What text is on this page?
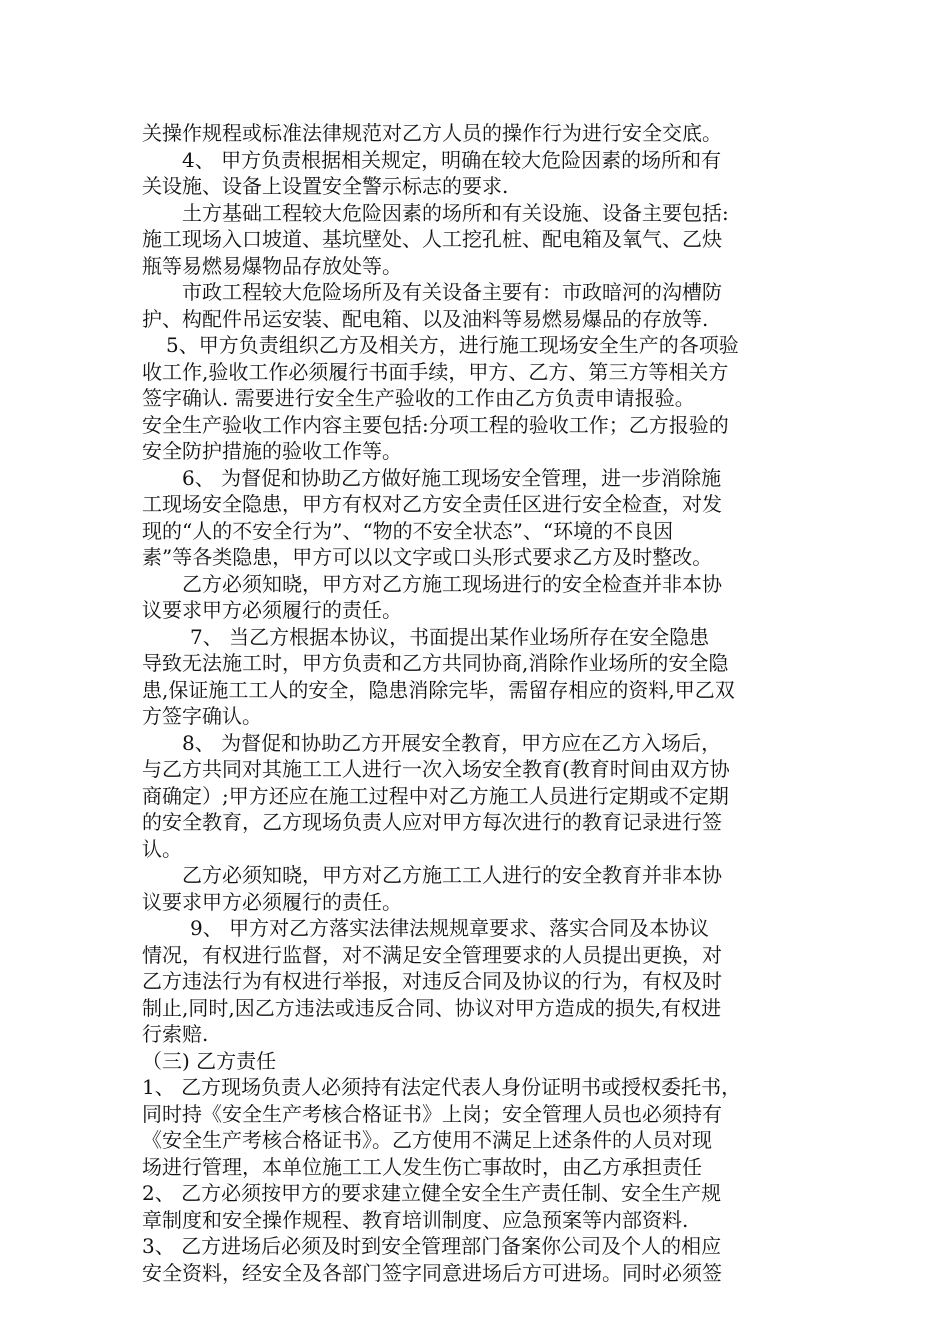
关操作规程或标准法律规范对乙方人员的操作行为进行安全交底。

4、 甲方负责根据相关规定，明确在较大危险因素的场所和有

关设施、设备上设置安全警示标志的要求.

土方基础工程较大危险因素的场所和有关设施、设备主要包括:

施工现场入口坡道、基坑壁处、人工挖孔桩、配电箱及氧气、乙炔

瓶等易燃易爆物品存放处等。

市政工程较大危险场所及有关设备主要有：市政暗河的沟槽防

护、构配件吊运安装、配电箱、以及油料等易燃易爆品的存放等.

5、甲方负责组织乙方及相关方，进行施工现场安全生产的各项验

收工作,验收工作必须履行书面手续，甲方、乙方、第三方等相关方

签字确认. 需要进行安全生产验收的工作由乙方负责申请报验。

安全生产验收工作内容主要包括:分项工程的验收工作；乙方报验的

安全防护措施的验收工作等。

6、 为督促和协助乙方做好施工现场安全管理，进一步消除施

工现场安全隐患，甲方有权对乙方安全责任区进行安全检查，对发

现的“人的不安全行为”、“物的不安全状态”、“环境的不良因

素”等各类隐患，甲方可以以文字或口头形式要求乙方及时整改。

乙方必须知晓，甲方对乙方施工现场进行的安全检查并非本协

议要求甲方必须履行的责任。

7、 当乙方根据本协议，书面提出某作业场所存在安全隐患

导致无法施工时，甲方负责和乙方共同协商,消除作业场所的安全隐

患,保证施工工人的安全，隐患消除完毕，需留存相应的资料,甲乙双

方签字确认。

8、 为督促和协助乙方开展安全教育，甲方应在乙方入场后，

与乙方共同对其施工工人进行一次入场安全教育(教育时间由双方协

商确定）;甲方还应在施工过程中对乙方施工人员进行定期或不定期

的安全教育，乙方现场负责人应对甲方每次进行的教育记录进行签

认。

乙方必须知晓，甲方对乙方施工工人进行的安全教育并非本协

议要求甲方必须履行的责任。

9、 甲方对乙方落实法律法规规章要求、落实合同及本协议

情况，有权进行监督，对不满足安全管理要求的人员提出更换，对

乙方违法行为有权进行举报，对违反合同及协议的行为，有权及时

制止,同时,因乙方违法或违反合同、协议对甲方造成的损失,有权进

行索赔.

（三) 乙方责任

1、 乙方现场负责人必须持有法定代表人身份证明书或授权委托书，

同时持《安全生产考核合格证书》上岗；安全管理人员也必须持有

《安全生产考核合格证书》。乙方使用不满足上述条件的人员对现

场进行管理，本单位施工工人发生伤亡事故时，由乙方承担责任

2、 乙方必须按甲方的要求建立健全安全生产责任制、安全生产规

章制度和安全操作规程、教育培训制度、应急预案等内部资料.

3、 乙方进场后必须及时到安全管理部门备案你公司及个人的相应

安全资料，经安全及各部门签字同意进场后方可进场。同时必须签
